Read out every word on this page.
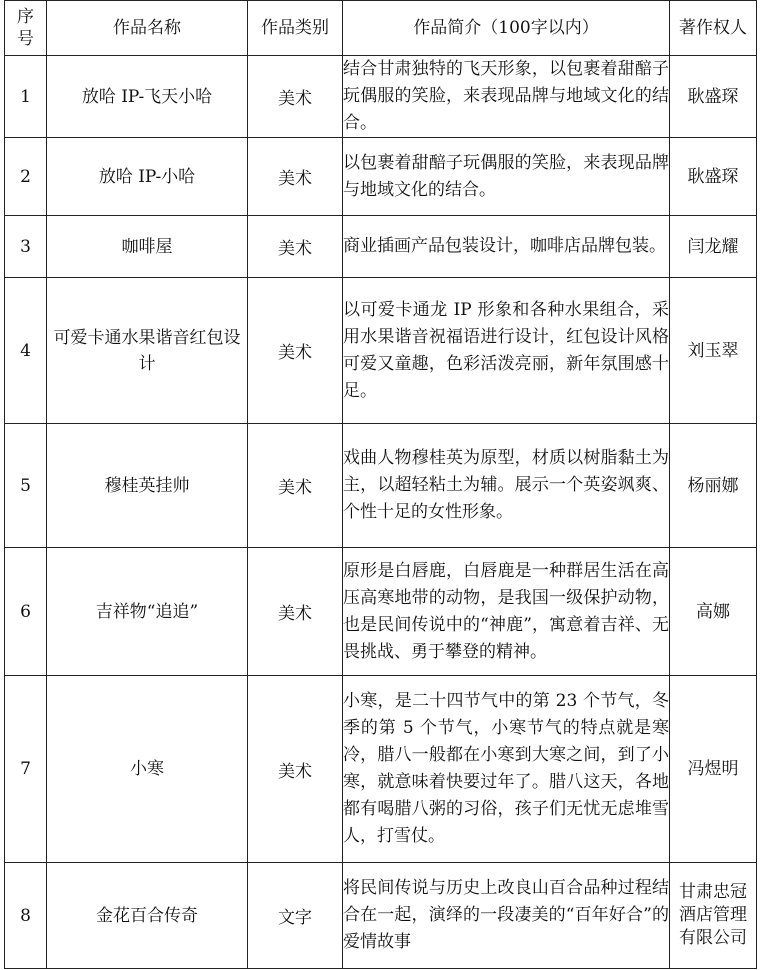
序号	作品名称	作品类别	作品简介（100字以内）	著作权人
1	放哈 IP-飞天小哈	美术	结合甘肃独特的飞天形象，以包裹着甜醅子玩偶服的笑脸，来表现品牌与地域文化的结合。	耿盛琛
2	放哈 IP-小哈	美术	以包裹着甜醅子玩偶服的笑脸，来表现品牌与地域文化的结合。	耿盛琛
3	咖啡屋	美术	商业插画产品包装设计，咖啡店品牌包装。	闫龙耀
4	可爱卡通水果谐音红包设计	美术	以可爱卡通龙 IP 形象和各种水果组合，采用水果谐音祝福语进行设计，红包设计风格可爱又童趣，色彩活泼亮丽，新年氛围感十足。	刘玉翠
5	穆桂英挂帅	美术	戏曲人物穆桂英为原型，材质以树脂黏土为主，以超轻粘土为辅。展示一个英姿飒爽、个性十足的女性形象。	杨丽娜
6	吉祥物“追追”	美术	原形是白唇鹿，白唇鹿是一种群居生活在高压高寒地带的动物，是我国一级保护动物，也是民间传说中的“神鹿”，寓意着吉祥、无畏挑战、勇于攀登的精神。	高娜
7	小寒	美术	小寒，是二十四节气中的第 23 个节气，冬季的第 5 个节气，小寒节气的特点就是寒冷，腊八一般都在小寒到大寒之间，到了小寒，就意味着快要过年了。腊八这天，各地都有喝腊八粥的习俗，孩子们无忧无虑堆雪人，打雪仗。	冯煜明
8	金花百合传奇	文字	将民间传说与历史上改良山百合品种过程结合在一起，演绎的一段凄美的“百年好合”的爱情故事	甘肃忠冠酒店管理有限公司
